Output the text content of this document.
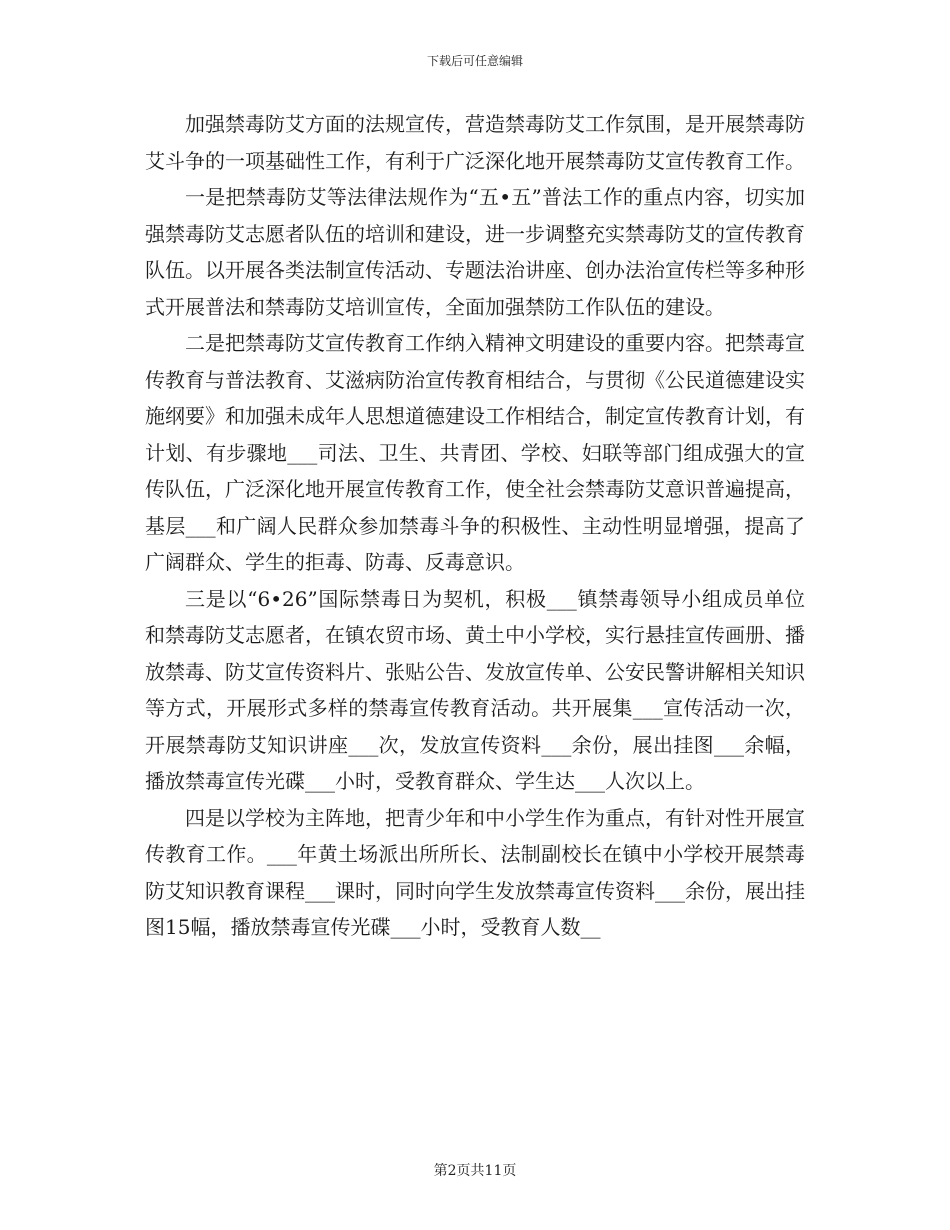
下载后可任意编辑

加强禁毒防艾方面的法规宣传，营造禁毒防艾工作氛围，是开展禁毒防艾斗争的一项基础性工作，有利于广泛深化地开展禁毒防艾宣传教育工作。

一是把禁毒防艾等法律法规作为“五•五”普法工作的重点内容，切实加强禁毒防艾志愿者队伍的培训和建设，进一步调整充实禁毒防艾的宣传教育队伍。以开展各类法制宣传活动、专题法治讲座、创办法治宣传栏等多种形式开展普法和禁毒防艾培训宣传，全面加强禁防工作队伍的建设。

二是把禁毒防艾宣传教育工作纳入精神文明建设的重要内容。把禁毒宣传教育与普法教育、艾滋病防治宣传教育相结合，与贯彻《公民道德建设实施纲要》和加强未成年人思想道德建设工作相结合，制定宣传教育计划，有计划、有步骤地___司法、卫生、共青团、学校、妇联等部门组成强大的宣传队伍，广泛深化地开展宣传教育工作，使全社会禁毒防艾意识普遍提高，基层___和广阔人民群众参加禁毒斗争的积极性、主动性明显增强，提高了广阔群众、学生的拒毒、防毒、反毒意识。

三是以“6•26”国际禁毒日为契机，积极___镇禁毒领导小组成员单位和禁毒防艾志愿者，在镇农贸市场、黄土中小学校，实行悬挂宣传画册、播放禁毒、防艾宣传资料片、张贴公告、发放宣传单、公安民警讲解相关知识等方式，开展形式多样的禁毒宣传教育活动。共开展集___宣传活动一次，开展禁毒防艾知识讲座___次，发放宣传资料___余份，展出挂图___余幅，播放禁毒宣传光碟___小时，受教育群众、学生达___人次以上。

四是以学校为主阵地，把青少年和中小学生作为重点，有针对性开展宣传教育工作。___年黄土场派出所所长、法制副校长在镇中小学校开展禁毒防艾知识教育课程___课时，同时向学生发放禁毒宣传资料___余份，展出挂图15幅，播放禁毒宣传光碟___小时，受教育人数__

第2页共11页
